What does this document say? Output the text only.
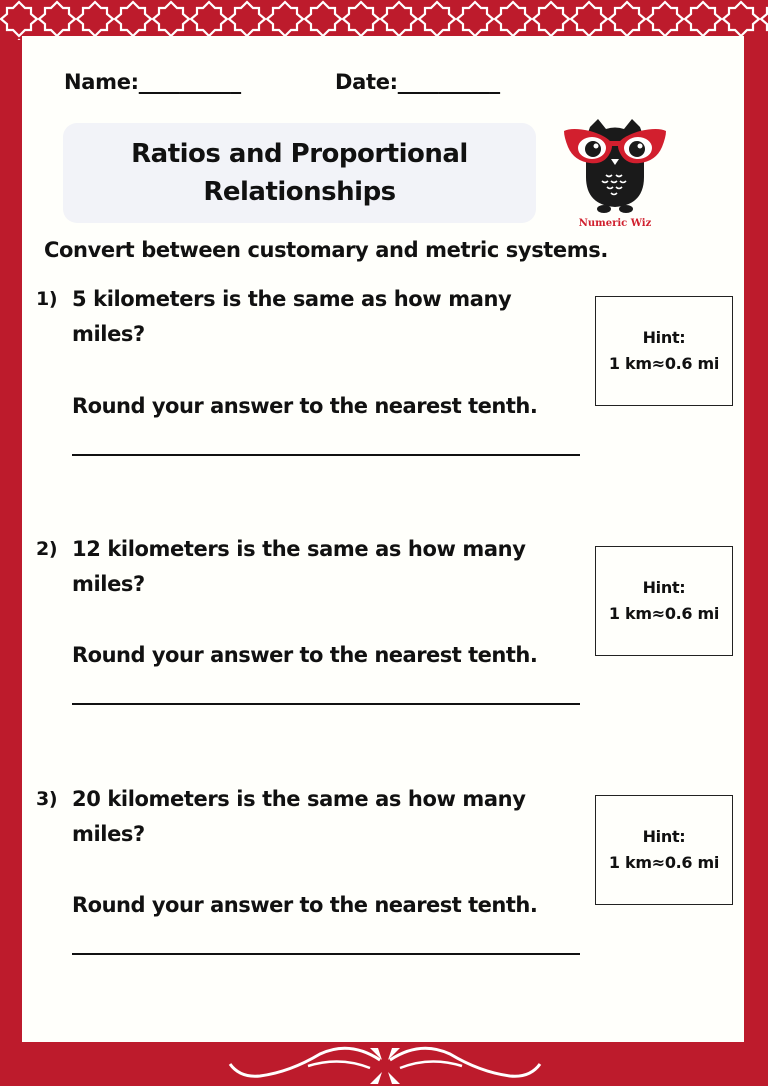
Name:__________	Date:__________
Ratios and Proportional
Relationships
Numeric Wiz
Convert between customary and metric systems.
1) 5 kilometers is the same as how many miles?
Round your answer to the nearest tenth.
Hint:
1 km≈0.6 mi
2) 12 kilometers is the same as how many miles?
Round your answer to the nearest tenth.
Hint:
1 km≈0.6 mi
3) 20 kilometers is the same as how many miles?
Round your answer to the nearest tenth.
Hint:
1 km≈0.6 mi
